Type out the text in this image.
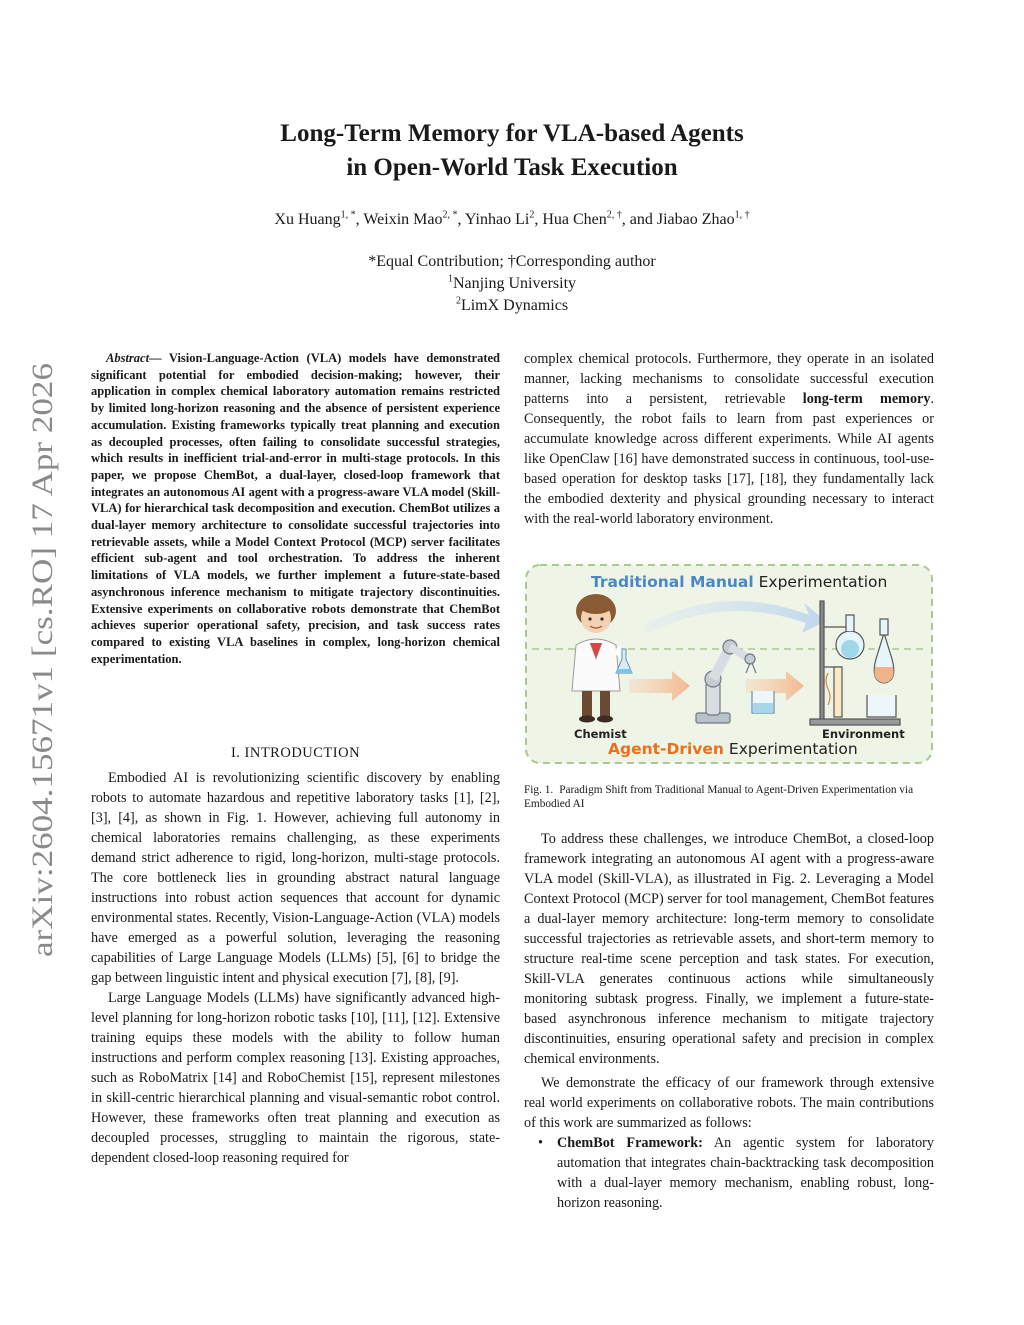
arXiv:2604.15671v1 [cs.RO] 17 Apr 2026
Long-Term Memory for VLA-based Agents
in Open-World Task Execution
Xu Huang$^{1, *}$, Weixin Mao$^{2, *}$, Yinhao Li$^2$, Hua Chen$^{2, \dagger}$, and Jiabao Zhao$^{1, \dagger}$
*Equal Contribution; †Corresponding author
$^1$Nanjing University
$^2$LimX Dynamics
Abstract— Vision-Language-Action (VLA) models have demonstrated significant potential for embodied decision-making; however, their application in complex chemical laboratory automation remains restricted by limited long-horizon reasoning and the absence of persistent experience accumulation. Existing frameworks typically treat planning and execution as decoupled processes, often failing to consolidate successful strategies, which results in inefficient trial-and-error in multi-stage protocols. In this paper, we propose ChemBot, a dual-layer, closed-loop framework that integrates an autonomous AI agent with a progress-aware VLA model (Skill-VLA) for hierarchical task decomposition and execution. ChemBot utilizes a dual-layer memory architecture to consolidate successful trajectories into retrievable assets, while a Model Context Protocol (MCP) server facilitates efficient sub-agent and tool orchestration. To address the inherent limitations of VLA models, we further implement a future-state-based asynchronous inference mechanism to mitigate trajectory discontinuities. Extensive experiments on collaborative robots demonstrate that ChemBot achieves superior operational safety, precision, and task success rates compared to existing VLA baselines in complex, long-horizon chemical experimentation.
I. INTRODUCTION

Embodied AI is revolutionizing scientific discovery by enabling robots to automate hazardous and repetitive laboratory tasks [1], [2], [3], [4], as shown in Fig. 1. However, achieving full autonomy in chemical laboratories remains challenging, as these experiments demand strict adherence to rigid, long-horizon, multi-stage protocols. The core bottleneck lies in grounding abstract natural language instructions into robust action sequences that account for dynamic environmental states. Recently, Vision-Language-Action (VLA) models have emerged as a powerful solution, leveraging the reasoning capabilities of Large Language Models (LLMs) [5], [6] to bridge the gap between linguistic intent and physical execution [7], [8], [9].

Large Language Models (LLMs) have significantly advanced high-level planning for long-horizon robotic tasks [10], [11], [12]. Extensive training equips these models with the ability to follow human instructions and perform complex reasoning [13]. Existing approaches, such as RoboMatrix [14] and RoboChemist [15], represent milestones in skill-centric hierarchical planning and visual-semantic robot control. However, these frameworks often treat planning and execution as decoupled processes, struggling to maintain the rigorous, state-dependent closed-loop reasoning required for

complex chemical protocols. Furthermore, they operate in an isolated manner, lacking mechanisms to consolidate successful execution patterns into a persistent, retrievable long-term memory. Consequently, the robot fails to learn from past experiences or accumulate knowledge across different experiments. While AI agents like OpenClaw [16] have demonstrated success in continuous, tool-use-based operation for desktop tasks [17], [18], they fundamentally lack the embodied dexterity and physical grounding necessary to interact with the real-world laboratory environment.

Traditional Manual Experimentation
Chemist	Environment
Agent-Driven Experimentation
Fig. 1. Paradigm Shift from Traditional Manual to Agent-Driven Experimentation via Embodied AI

To address these challenges, we introduce ChemBot, a closed-loop framework integrating an autonomous AI agent with a progress-aware VLA model (Skill-VLA), as illustrated in Fig. 2. Leveraging a Model Context Protocol (MCP) server for tool management, ChemBot features a dual-layer memory architecture: long-term memory to consolidate successful trajectories as retrievable assets, and short-term memory to structure real-time scene perception and task states. For execution, Skill-VLA generates continuous actions while simultaneously monitoring subtask progress. Finally, we implement a future-state-based asynchronous inference mechanism to mitigate trajectory discontinuities, ensuring operational safety and precision in complex chemical environments.

We demonstrate the efficacy of our framework through extensive real world experiments on collaborative robots. The main contributions of this work are summarized as follows:

• ChemBot Framework: An agentic system for laboratory automation that integrates chain-backtracking task decomposition with a dual-layer memory mechanism, enabling robust, long-horizon reasoning.
